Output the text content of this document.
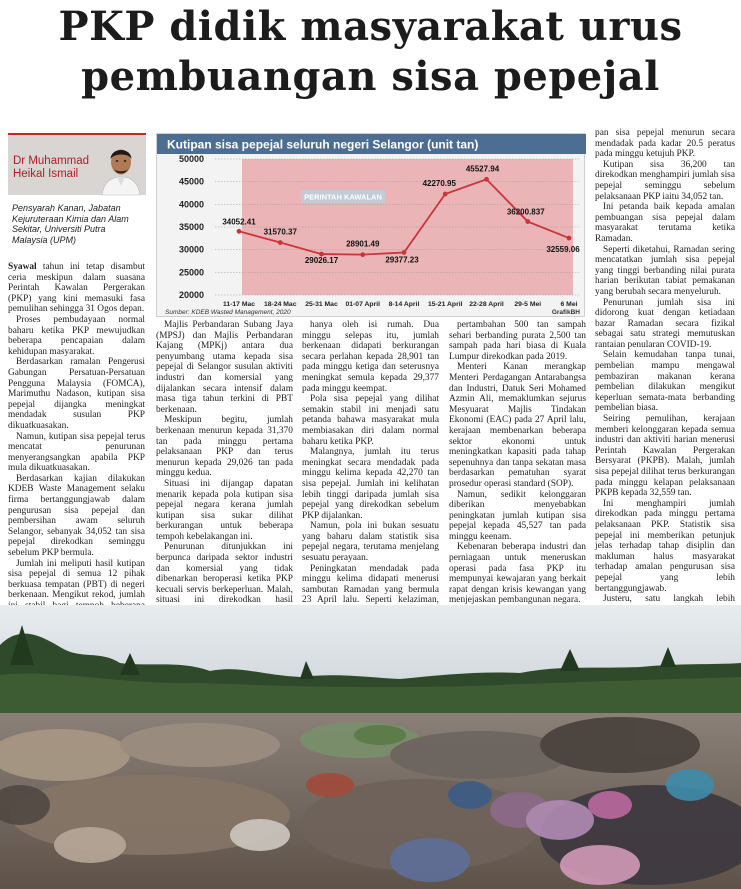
PKP didik masyarakat urus
pembuangan sisa pepejal
Dr Muhammad
Heikal Ismail
Pensyarah Kanan, Jabatan Kejuruteraan Kimia dan Alam Sekitar, Universiti Putra Malaysia (UPM)
Kutipan sisa pepejal seluruh negeri Selangor (unit tan)
PERINTAH KAWALAN
50000
45000
40000
35000
30000
25000
20000
11-17 Mac 18-24 Mac 25-31 Mac 01-07 April 8-14 April 15-21 April 22-28 April 29-5 Mei	6 Mei
34052.41
31570.37
29026.17
28901.49
29377.23
42270.95
45527.94
36200.837
32559.06
Sumber: KDEB Wasted Management, 2020	GrafikBH

Syawal tahun ini tetap disambut ceria meskipun dalam suasana Perintah Kawalan Pergerakan (PKP) yang kini memasuki fasa pemulihan sehingga 31 Ogos depan.

Proses pembudayaan normal baharu ketika PKP mewujudkan beberapa pencapaian dalam kehidupan masyarakat.

Berdasarkan ramalan Pengerusi Gabungan Persatuan-Persatuan Pengguna Malaysia (FOMCA), Marimuthu Nadason, kutipan sisa pepejal dijangka meningkat mendadak susulan PKP dikuatkuasakan.

Namun, kutipan sisa pepejal terus mencatat penurunan menyerangsangkan apabila PKP mula dikuatkuasakan.

Berdasarkan kajian dilakukan KDEB Waste Management selaku firma bertanggungjawab dalam pengurusan sisa pepejal dan pembersihan awam seluruh Selangor, sebanyak 34,052 tan sisa pepejal direkodkan seminggu sebelum PKP bermula.

Jumlah ini meliputi hasil kutipan sisa pepejal di semua 12 pihak berkuasa tempatan (PBT) di negeri berkenaan. Mengikut rekod, jumlah

Majlis Perbandaran Subang Jaya (MPSJ) dan Majlis Perbandaran Kajang (MPKj) antara dua penyumbang utama kepada sisa pepejal di Selangor susulan aktiviti industri dan komersial yang dijalankan secara intensif dalam masa tiga tahun terkini di PBT berkenaan.

Meskipun begitu, jumlah berkenaan menurun kepada 31,370 tan pada minggu pertama pelaksanaan PKP dan terus menurun kepada 29,026 tan pada minggu kedua.

Situasi ini dijangap dapatan menarik kepada pola kutipan sisa pepejal negara kerana jumlah kutipan sisa sukar dilihat berkurangan untuk beberapa tempoh kebelakangan ini.

Penurunan ditunjukkan ini berpunca daripada sektor industri dan komersial yang tidak dibenarkan beroperasi ketika PKP kecuali servis berkeperluan. Malah, situasi ini direkodkan hasil

hanya oleh isi rumah. Dua minggu selepas itu, jumlah berkenaan didapati berkurangan secara perlahan kepada 28,901 tan pada minggu ketiga dan seterusnya meningkat semula kepada 29,377 pada minggu keempat.

Pola sisa pepejal yang dilihat semakin stabil ini menjadi satu petanda bahawa masyarakat mula membiasakan diri dalam normal baharu ketika PKP.

Malangnya, jumlah itu terus meningkat secara mendadak pada minggu kelima kepada 42,270 tan sisa pepejal. Jumlah ini kelihatan lebih tinggi daripada jumlah sisa pepejal yang direkodkan sebelum PKP dijalankan.

Namun, pola ini bukan sesuatu yang baharu dalam statistik sisa pepejal negara, terutama menjelang sesuatu perayaan.

Peningkatan mendadak pada minggu kelima didapati menerusi sambutan Ramadan yang bermula 23 April lalu. Seperti kelaziman,

pertambahan 500 tan sampah sehari berbanding purata 2,500 tan sampah pada hari biasa di Kuala Lumpur direkodkan pada 2019.

Menteri Kanan merangkap Menteri Perdagangan Antarabangsa dan Industri, Datuk Seri Mohamed Azmin Ali, memaklumkan sejurus Mesyuarat Majlis Tindakan Ekonomi (EAC) pada 27 April lalu, kerajaan membenarkan beberapa sektor ekonomi untuk meningkatkan kapasiti pada tahap sepenuhnya dan tanpa sekatan masa berdasarkan pematuhan syarat prosedur operasi standard (SOP).

Namun, sedikit kelonggaran diberikan menyebabkan peningkatan jumlah kutipan sisa pepejal kepada 45,527 tan pada minggu keenam.

Kebenaran beberapa industri dan perniagaan untuk meneruskan operasi pada fasa PKP itu mempunyai kewajaran yang berkait rapat dengan krisis kewangan yang menjejaskan pembangunan negara.

pan sisa pepejal menurun secara mendadak pada kadar 20.5 peratus pada minggu ketujuh PKP.

Kutipan sisa 36,200 tan direkodkan menghampiri jumlah sisa pepejal seminggu sebelum pelaksanaan PKP iaitu 34,052 tan.

Ini petanda baik kepada amalan pembuangan sisa pepejal dalam masyarakat terutama ketika Ramadan.

Seperti diketahui, Ramadan sering mencatatkan jumlah sisa pepejal yang tinggi berbanding nilai purata harian berikutan tabiat pemakanan yang berubah secara menyeluruh.

Penurunan jumlah sisa ini didorong kuat dengan ketiadaan bazar Ramadan secara fizikal sebagai satu strategi memutuskan rantaian penularan COVID-19.

Selain kemudahan tanpa tunai, pembelian mampu mengawal pembaziran makanan kerana pembelian dilakukan mengikut keperluan semata-mata berbanding pembelian biasa.

Seiring pemulihan, kerajaan memberi kelonggaran kepada semua industri dan aktiviti harian menerusi Perintah Kawalan Pergerakan Bersyarat (PKPB). Malah, jumlah sisa pepejal dilihat terus berkurangan pada minggu kelapan pelaksanaan PKPB kepada 32,559 tan.

Ini menghampiri jumlah direkodkan pada minggu pertama pelaksanaan PKP. Statistik sisa pepejal ini memberikan petunjuk jelas terhadap tahap disiplin dan makluman halus masyarakat terhadap amalan pengurusan sisa pepejal yang lebih bertanggungjawab.

Justeru, satu langkah lebih
